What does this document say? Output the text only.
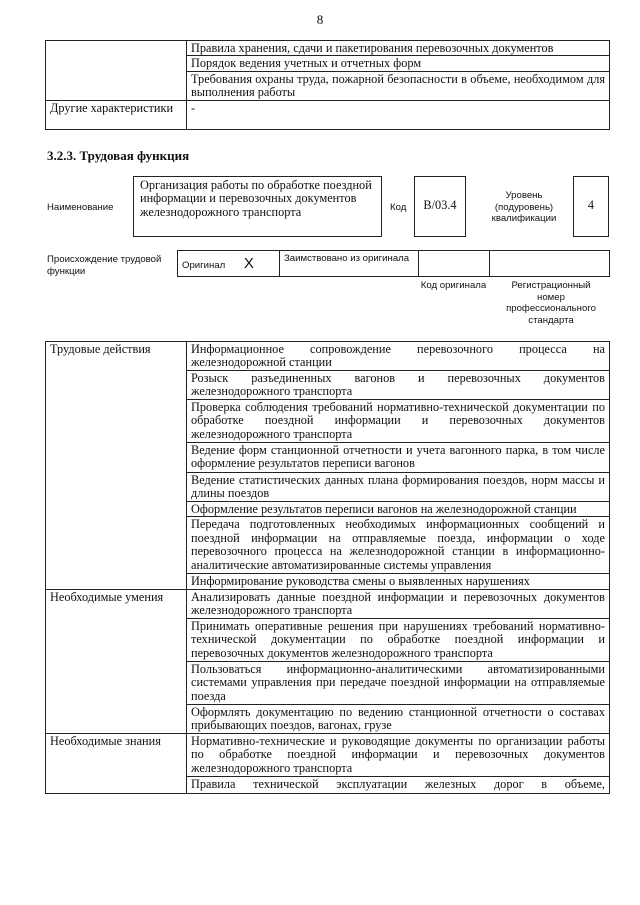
8
	Правила хранения, сдачи и пакетирования перевозочных документов
	Порядок ведения учетных и отчетных форм
	Требования охраны труда, пожарной безопасности в объеме, необходимом для выполнения работы
Другие характеристики	-
3.2.3. Трудовая функция
Наименование
Организация работы по обработке поездной информации и перевозочных документов железнодорожного транспорта	Код	В/03.4
Уровень (подуровень) квалификации
4
Происхождение трудовой функции	Оригинал X	Заимствовано из оригинала		
Код оригинала	Регистрационный номер профессионального стандарта
Трудовые действия	Информационное сопровождение перевозочного процесса на железнодорожной станции
	Розыск разъединенных вагонов и перевозочных документов железнодорожного транспорта
	Проверка соблюдения требований нормативно-технической документации по обработке поездной информации и перевозочных документов железнодорожного транспорта
	Ведение форм станционной отчетности и учета вагонного парка, в том числе оформление результатов переписи вагонов
	Ведение статистических данных плана формирования поездов, норм массы и длины поездов
	Оформление результатов переписи вагонов на железнодорожной станции
	Передача подготовленных необходимых информационных сообщений и поездной информации на отправляемые поезда, информации о ходе перевозочного процесса на железнодорожной станции в информационно-аналитические автоматизированные системы управления
	Информирование руководства смены о выявленных нарушениях
Необходимые умения	Анализировать данные поездной информации и перевозочных документов железнодорожного транспорта
	Принимать оперативные решения при нарушениях требований нормативно-технической документации по обработке поездной информации и перевозочных документов железнодорожного транспорта
	Пользоваться информационно-аналитическими автоматизированными системами управления при передаче поездной информации на отправляемые поезда
	Оформлять документацию по ведению станционной отчетности о составах прибывающих поездов, вагонах, грузе
Необходимые знания	Нормативно-технические и руководящие документы по организации работы по обработке поездной информации и перевозочных документов железнодорожного транспорта
	Правила технической эксплуатации железных дорог в объеме,
